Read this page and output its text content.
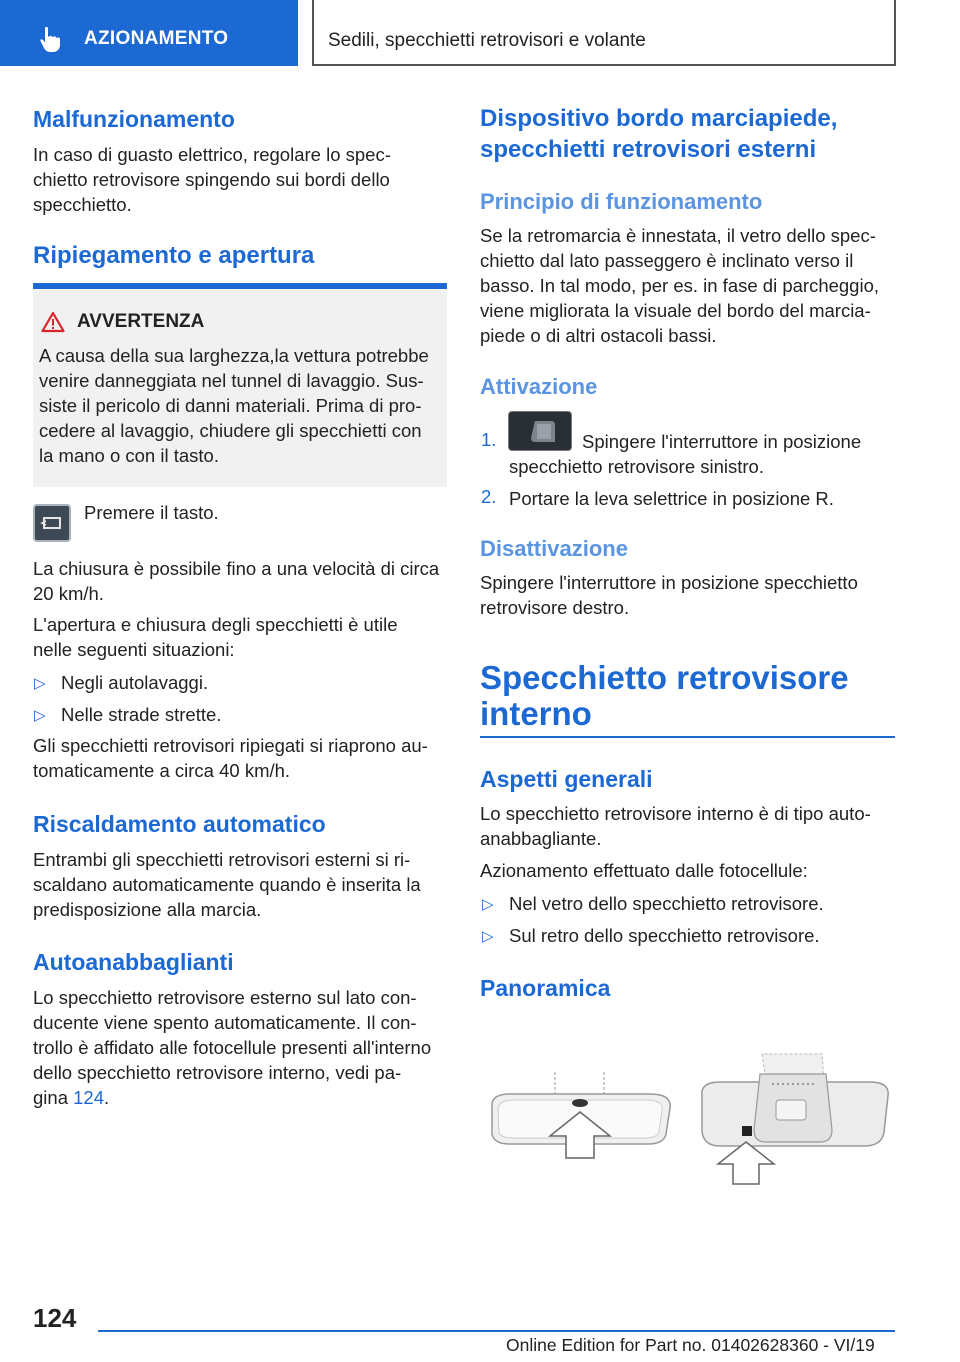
AZIONAMENTO	Sedili, specchietti retrovisori e volante
Malfunzionamento

In caso di guasto elettrico, regolare lo spec-

chietto retrovisore spingendo sui bordi dello

specchietto.

Ripiegamento e apertura
AVVERTENZA

A causa della sua larghezza,la vettura potrebbe

venire danneggiata nel tunnel di lavaggio. Sus-

siste il pericolo di danni materiali. Prima di pro-

cedere al lavaggio, chiudere gli specchietti con

la mano o con il tasto.

Premere il tasto.

La chiusura è possibile fino a una velocità di circa

20 km/h.

L'apertura e chiusura degli specchietti è utile

nelle seguenti situazioni:

▷ Negli autolavaggi.

▷ Nelle strade strette.

Gli specchietti retrovisori ripiegati si riaprono au-

tomaticamente a circa 40 km/h.

Riscaldamento automatico

Entrambi gli specchietti retrovisori esterni si ri-

scaldano automaticamente quando è inserita la

predisposizione alla marcia.

Autoanabbaglianti

Lo specchietto retrovisore esterno sul lato con-

ducente viene spento automaticamente. Il con-

trollo è affidato alle fotocellule presenti all'interno

dello specchietto retrovisore interno, vedi pa-

gina 124.

Dispositivo bordo marciapiede,
specchietti retrovisori esterni
Principio di funzionamento

Se la retromarcia è innestata, il vetro dello spec-

chietto dal lato passeggero è inclinato verso il

basso. In tal modo, per es. in fase di parcheggio,

viene migliorata la visuale del bordo del marcia-

piede o di altri ostacoli bassi.

Attivazione
1.	Spingere l'interruttore in posizione

specchietto retrovisore sinistro.

2. Portare la leva selettrice in posizione R.

Disattivazione

Spingere l'interruttore in posizione specchietto

retrovisore destro.

Specchietto retrovisore
interno
Aspetti generali

Lo specchietto retrovisore interno è di tipo auto-

anabbagliante.

Azionamento effettuato dalle fotocellule:

▷ Nel vetro dello specchietto retrovisore.

▷ Sul retro dello specchietto retrovisore.

Panoramica
124
Online Edition for Part no. 01402628360 - VI/19
